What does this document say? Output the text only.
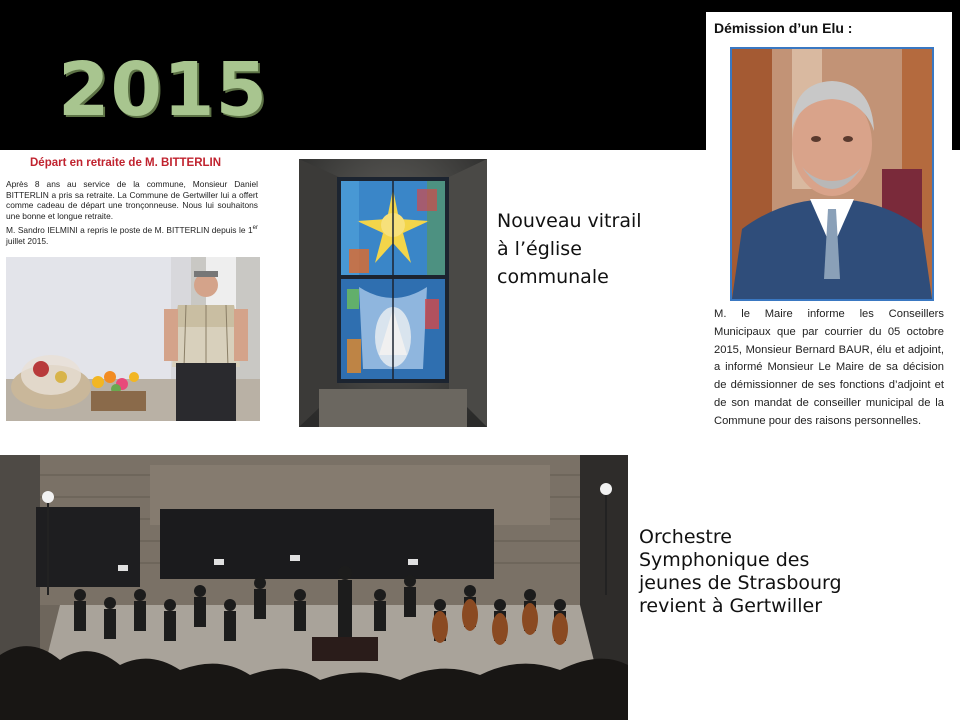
2015
Départ en retraite de M. BITTERLIN

Après 8 ans au service de la commune, Monsieur Daniel BITTERLIN a pris sa retraite. La Commune de Gertwiller lui a offert comme cadeau de départ une tronçonneuse. Nous lui souhaitons une bonne et longue retraite.

M. Sandro IELMINI a repris le poste de M. BITTERLIN depuis le 1er juillet 2015.

Nouveau vitrail à l’église communale
Démission d’un Elu :
M. le Maire informe les Conseillers Municipaux que par courrier du 05 octobre 2015, Monsieur Bernard BAUR, élu et adjoint, a informé Monsieur Le Maire de sa décision de démissionner de ses fonctions d’adjoint et de son mandat de conseiller municipal de la Commune pour des raisons personnelles.
Orchestre Symphonique des jeunes de Strasbourg revient à Gertwiller
